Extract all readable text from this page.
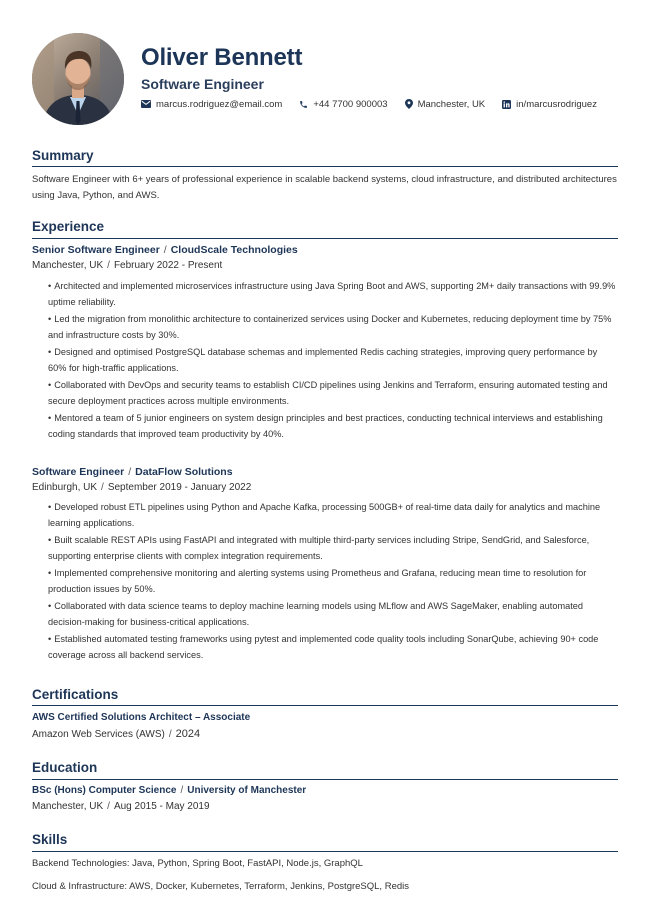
Oliver Bennett
Software Engineer
marcus.rodriguez@email.com	+44 7700 900003	Manchester, UK	in/marcusrodriguez
Summary
Software Engineer with 6+ years of professional experience in scalable backend systems, cloud infrastructure, and distributed architectures using Java, Python, and AWS.
Experience
Senior Software Engineer / CloudScale Technologies
Manchester, UK / February 2022 - Present
• Architected and implemented microservices infrastructure using Java Spring Boot and AWS, supporting 2M+ daily transactions with 99.9% uptime reliability.
• Led the migration from monolithic architecture to containerized services using Docker and Kubernetes, reducing deployment time by 75% and infrastructure costs by 30%.
• Designed and optimised PostgreSQL database schemas and implemented Redis caching strategies, improving query performance by 60% for high-traffic applications.
• Collaborated with DevOps and security teams to establish CI/CD pipelines using Jenkins and Terraform, ensuring automated testing and secure deployment practices across multiple environments.
• Mentored a team of 5 junior engineers on system design principles and best practices, conducting technical interviews and establishing coding standards that improved team productivity by 40%.
Software Engineer / DataFlow Solutions
Edinburgh, UK / September 2019 - January 2022
• Developed robust ETL pipelines using Python and Apache Kafka, processing 500GB+ of real-time data daily for analytics and machine learning applications.
• Built scalable REST APIs using FastAPI and integrated with multiple third-party services including Stripe, SendGrid, and Salesforce, supporting enterprise clients with complex integration requirements.
• Implemented comprehensive monitoring and alerting systems using Prometheus and Grafana, reducing mean time to resolution for production issues by 50%.
• Collaborated with data science teams to deploy machine learning models using MLflow and AWS SageMaker, enabling automated decision-making for business-critical applications.
• Established automated testing frameworks using pytest and implemented code quality tools including SonarQube, achieving 90+ code coverage across all backend services.
Certifications
AWS Certified Solutions Architect – Associate
Amazon Web Services (AWS) / 2024
Education
BSc (Hons) Computer Science / University of Manchester
Manchester, UK / Aug 2015 - May 2019
Skills
Backend Technologies: Java, Python, Spring Boot, FastAPI, Node.js, GraphQL
Cloud & Infrastructure: AWS, Docker, Kubernetes, Terraform, Jenkins, PostgreSQL, Redis
